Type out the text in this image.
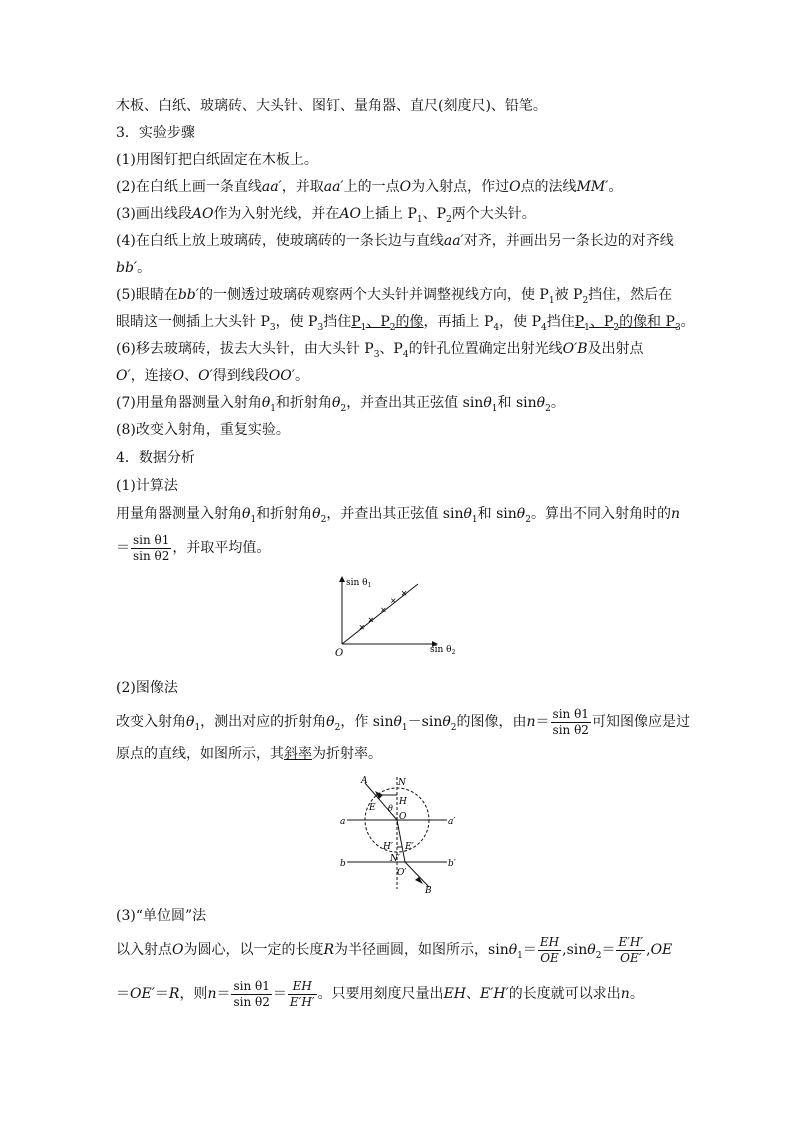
木板、白纸、玻璃砖、大头针、图钉、量角器、直尺(刻度尺)、铅笔。
3．实验步骤
(1)用图钉把白纸固定在木板上。
(2)在白纸上画一条直线aa′，并取aa′上的一点O为入射点，作过O点的法线MM′。
(3)画出线段AO作为入射光线，并在AO上插上 $P_1$、$P_2$两个大头针。
(4)在白纸上放上玻璃砖，使玻璃砖的一条长边与直线aa′对齐，并画出另一条长边的对齐线
bb′。
(5)眼睛在bb′的一侧透过玻璃砖观察两个大头针并调整视线方向，使 $P_1$被 $P_2$挡住，然后在
眼睛这一侧插上大头针 $P_3$，使 $P_3$挡住$P_1$、$P_2$的像，再插上 $P_4$，使 $P_4$挡住$P_1$、$P_2$的像和 $P_3$。
(6)移去玻璃砖，拔去大头针，由大头针 $P_3$、$P_4$的针孔位置确定出射光线O′B及出射点
O′，连接O、O′得到线段OO′。
(7)用量角器测量入射角$\theta_1$和折射角$\theta_2$，并查出其正弦值 sinθ$_1$和 sinθ$_2$。
(8)改变入射角，重复实验。
4．数据分析
(1)计算法
用量角器测量入射角$\theta_1$和折射角$\theta_2$，并查出其正弦值 sinθ$_1$和 sinθ$_2$。算出不同入射角时的n
＝ $\frac{\text{sin θ1}}{\text{sin θ2}}$ ，并取平均值。
$\sin \theta_1$
$\sin \theta_2$
O
(2)图像法
改变入射角$\theta_1$，测出对应的折射角$\theta_2$，作 sinθ$_1$－sinθ$_2$的图像，由$n= \frac{\text{sin θ1}}{\text{sin θ2}}$ 可知图像应是过
原点的直线，如图所示，其斜率为折射率。
A	N
E
H
θ
O
a	a′
H′
N′
E′
b	b′
O′
B
(3)“单位圆”法
以入射点O为圆心，以一定的长度R为半径画圆，如图所示，$\sin\theta_1= \frac{EH}{OE} ,\sin\theta_2= \frac{E'H'}{OE'} ,OE$
＝OE′＝R，则$n= \frac{\text{sin θ1}}{\text{sin θ2}} = \frac{EH}{E'H'}$ 。只要用刻度尺量出EH、E′H′的长度就可以求出n。
